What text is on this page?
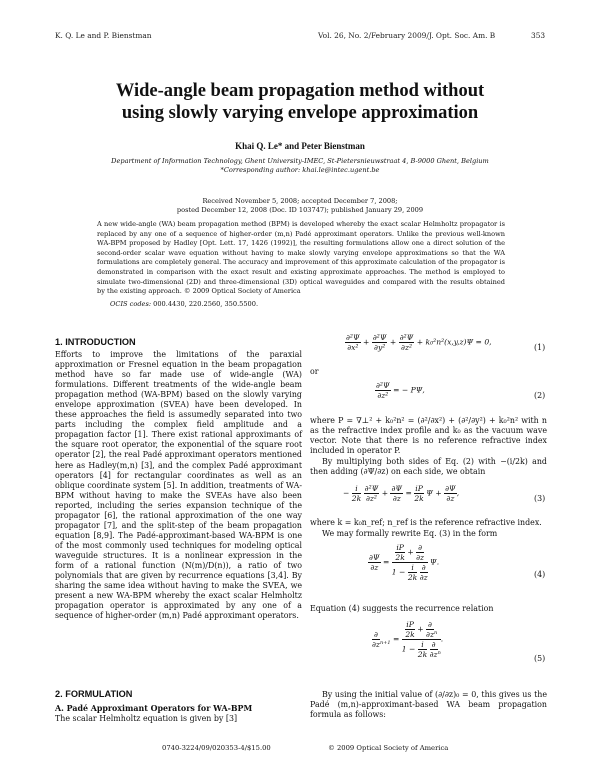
K. Q. Le and P. Bienstman	Vol. 26, No. 2/February 2009/J. Opt. Soc. Am. B	353
Wide-angle beam propagation method without
using slowly varying envelope approximation
Khai Q. Le* and Peter Bienstman
Department of Information Technology, Ghent University-IMEC, St-Pietersnieuwstraat 4, B-9000 Ghent, Belgium
*Corresponding author: khai.le@intec.ugent.be
Received November 5, 2008; accepted December 7, 2008;
posted December 12, 2008 (Doc. ID 103747); published January 29, 2009
A new wide-angle (WA) beam propagation method (BPM) is developed whereby the exact scalar Helmholtz propagator is replaced by any one of a sequence of higher-order (m,n) Padé approximant operators. Unlike the previous well-known WA-BPM proposed by Hadley [Opt. Lett. 17, 1426 (1992)], the resulting formulations allow one a direct solution of the second-order scalar wave equation without having to make slowly varying envelope approximations so that the WA formulations are completely general. The accuracy and improvement of this approximate calculation of the propagator is demonstrated in comparison with the exact result and existing approximate approaches. The method is employed to simulate two-dimensional (2D) and three-dimensional (3D) optical waveguides and compared with the results obtained by the existing approach. © 2009 Optical Society of America
OCIS codes: 000.4430, 220.2560, 350.5500.
1. INTRODUCTION
Efforts to improve the limitations of the paraxial approximation or Fresnel equation in the beam propagation method have so far made use of wide-angle (WA) formulations. Different treatments of the wide-angle beam propagation method (WA-BPM) based on the slowly varying envelope approximation (SVEA) have been developed. In these approaches the field is assumedly separated into two parts including the complex field amplitude and a propagation factor [1]. There exist rational approximants of the square root operator, the exponential of the square root operator [2], the real Padé approximant operators mentioned here as Hadley(m,n) [3], and the complex Padé approximant operators [4] for rectangular coordinates as well as an oblique coordinate system [5]. In addition, treatments of WA-BPM without having to make the SVEAs have also been reported, including the series expansion technique of the propagator [6], the rational approximation of the one way propagator [7], and the split-step of the beam propagation equation [8,9]. The Padé-approximant-based WA-BPM is one of the most commonly used techniques for modeling optical waveguide structures. It is a nonlinear expression in the form of a rational function (N(m)/D(n)), a ratio of two polynomials that are given by recurrence equations [3,4]. By sharing the same idea without having to make the SVEA, we present a new WA-BPM whereby the exact scalar Helmholtz propagation operator is approximated by any one of a sequence of higher-order (m,n) Padé approximant operators.
2. FORMULATION
A. Padé Approximant Operators for WA-BPM
The scalar Helmholtz equation is given by [3]
$\frac{\text{∂²Ψ}}{\text{∂x²}} + \frac{\text{∂²Ψ}}{\text{∂y²}} + \frac{\text{∂²Ψ}}{\text{∂z²}} + k_0^2n^2(x,y,z)\Psi = 0$,
(1)
or
$\frac{\text{∂²Ψ}}{\text{∂z²}}$ = − PΨ,
(2)
where P = ∇⊥² + k₀²n² = (∂²/∂x²) + (∂²/∂y²) + k₀²n² with n as the refractive index profile and k₀ as the vacuum wave vector. Note that there is no reference refractive index included in operator P.
By multiplying both sides of Eq. (2) with −(i/2k) and then adding (∂Ψ/∂z) on each side, we obtain
− $\frac{i}{2k}$
$\frac{\text{∂²Ψ}}{\text{∂z²}} + \frac{\partial\Psi}{\partial z} = \frac{iP}{2k}$ $\Psi + \frac{\partial\Psi}{\partial z}$ ,
(3)
where k = k₀n_ref; n_ref is the reference refractive index.
We may formally rewrite Eq. (3) in the form
$\frac{\partial\Psi}{\partial z} = \frac{iP}{2k} + \frac{\partial}{\partial z}$
$1 - \frac{i}{2k}$
$\frac{\partial}{\partial z} \Psi$.
(4)
Equation (4) suggests the recurrence relation
$\frac{\partial}{\partial z} _{n+1} = \frac{iP}{2k} + \frac{\partial}{\partial z} _n$
$1 - \frac{i}{2k}$
$\frac{\partial}{\partial z} _n$ .
(5)
By using the initial value of (∂/∂z)₀ = 0, this gives us the Padé (m,n)-approximant-based WA beam propagation formula as follows:
0740-3224/09/020353-4/$15.00	© 2009 Optical Society of America
